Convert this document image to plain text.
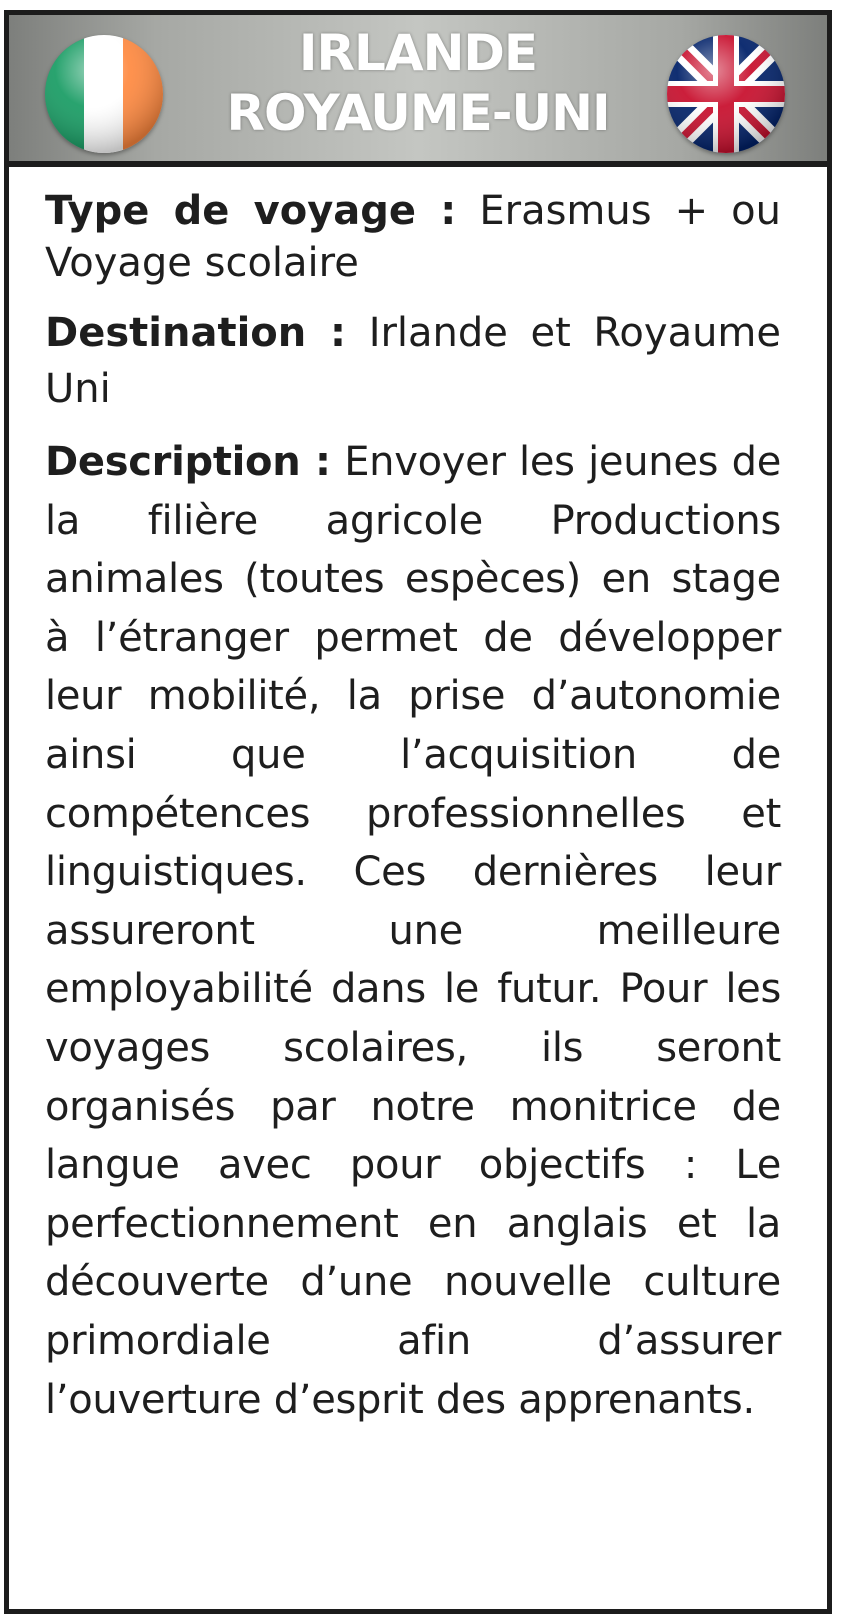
IRLANDE
ROYAUME-UNI

Type de voyage : Erasmus + ou Voyage scolaire

Destination : Irlande et Royaume Uni

Description : Envoyer les jeunes de la filière agricole Productions animales (toutes espèces) en stage à l’étranger permet de développer leur mobilité, la prise d’autonomie ainsi que l’acquisition de compétences professionnelles et linguistiques. Ces dernières leur assureront une meilleure employabilité dans le futur. Pour les voyages scolaires, ils seront organisés par notre monitrice de langue avec pour objectifs : Le perfectionnement en anglais et la découverte d’une nouvelle culture primordiale afin d’assurer l’ouverture d’esprit des apprenants.
